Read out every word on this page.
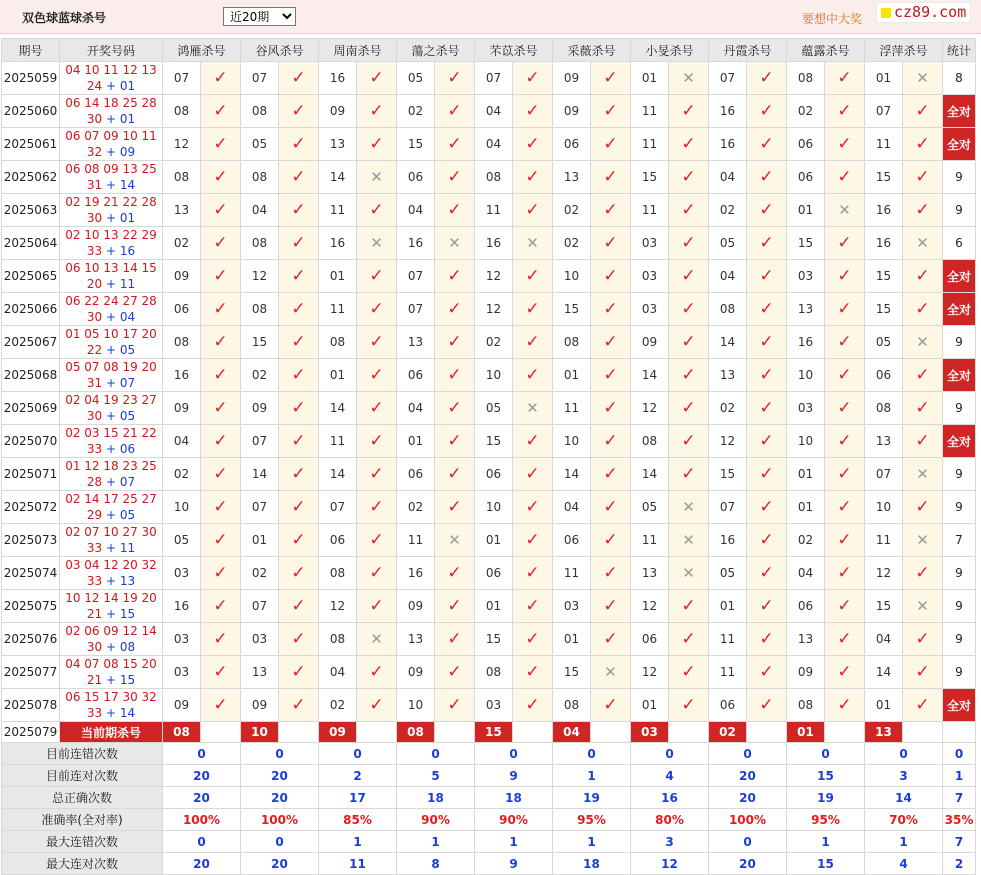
双色球蓝球杀号
近20期	要想中大奖	cz89.com
期号	开奖号码	鸿雁杀号		谷风杀号		周南杀号		蕩之杀号		芣苡杀号		采薇杀号		小旻杀号		丹霞杀号		蕴露杀号		浮萍杀号		统计
2025059	04 10 11 12 13
24 + 01	07	✓	07	✓	16	✓	05	✓	07	✓	09	✓	01	✕	07	✓	08	✓	01	✕	8
2025060	06 14 18 25 28
30 + 01	08	✓	08	✓	09	✓	02	✓	04	✓	09	✓	11	✓	16	✓	02	✓	07	✓	全对
2025061	06 07 09 10 11
32 + 09	12	✓	05	✓	13	✓	15	✓	04	✓	06	✓	11	✓	16	✓	06	✓	11	✓	全对
2025062	06 08 09 13 25
31 + 14	08	✓	08	✓	14	✕	06	✓	08	✓	13	✓	15	✓	04	✓	06	✓	15	✓	9
2025063	02 19 21 22 28
30 + 01	13	✓	04	✓	11	✓	04	✓	11	✓	02	✓	11	✓	02	✓	01	✕	16	✓	9
2025064	02 10 13 22 29
33 + 16	02	✓	08	✓	16	✕	16	✕	16	✕	02	✓	03	✓	05	✓	15	✓	16	✕	6
2025065	06 10 13 14 15
20 + 11	09	✓	12	✓	01	✓	07	✓	12	✓	10	✓	03	✓	04	✓	03	✓	15	✓	全对
2025066	06 22 24 27 28
30 + 04	06	✓	08	✓	11	✓	07	✓	12	✓	15	✓	03	✓	08	✓	13	✓	15	✓	全对
2025067	01 05 10 17 20
22 + 05	08	✓	15	✓	08	✓	13	✓	02	✓	08	✓	09	✓	14	✓	16	✓	05	✕	9
2025068	05 07 08 19 20
31 + 07	16	✓	02	✓	01	✓	06	✓	10	✓	01	✓	14	✓	13	✓	10	✓	06	✓	全对
2025069	02 04 19 23 27
30 + 05	09	✓	09	✓	14	✓	04	✓	05	✕	11	✓	12	✓	02	✓	03	✓	08	✓	9
2025070	02 03 15 21 22
33 + 06	04	✓	07	✓	11	✓	01	✓	15	✓	10	✓	08	✓	12	✓	10	✓	13	✓	全对
2025071	01 12 18 23 25
28 + 07	02	✓	14	✓	14	✓	06	✓	06	✓	14	✓	14	✓	15	✓	01	✓	07	✕	9
2025072	02 14 17 25 27
29 + 05	10	✓	07	✓	07	✓	02	✓	10	✓	04	✓	05	✕	07	✓	01	✓	10	✓	9
2025073	02 07 10 27 30
33 + 11	05	✓	01	✓	06	✓	11	✕	01	✓	06	✓	11	✕	16	✓	02	✓	11	✕	7
2025074	03 04 12 20 32
33 + 13	03	✓	02	✓	08	✓	16	✓	06	✓	11	✓	13	✕	05	✓	04	✓	12	✓	9
2025075	10 12 14 19 20
21 + 15	16	✓	07	✓	12	✓	09	✓	01	✓	03	✓	12	✓	01	✓	06	✓	15	✕	9
2025076	02 06 09 12 14
30 + 08	03	✓	03	✓	08	✕	13	✓	15	✓	01	✓	06	✓	11	✓	13	✓	04	✓	9
2025077	04 07 08 15 20
21 + 15	03	✓	13	✓	04	✓	09	✓	08	✓	15	✕	12	✓	11	✓	09	✓	14	✓	9
2025078	06 15 17 30 32
33 + 14	09	✓	09	✓	02	✓	10	✓	03	✓	08	✓	01	✓	06	✓	08	✓	01	✓	全对
2025079	当前期杀号	08		10		09		08		15		04		03		02		01		13		
目前连错次数		0		0		0		0		0		0		0		0		0		0		0
目前连对次数		20		20		2		5		9		1		4		20		15		3		1
总正确次数		20		20		17		18		18		19		16		20		19		14		7
准确率(全对率)		100%		100%		85%		90%		90%		95%		80%		100%		95%		70%		35%
最大连错次数		0		0		1		1		1		1		3		0		1		1		7
最大连对次数		20		20		11		8		9		18		12		20		15		4		2
